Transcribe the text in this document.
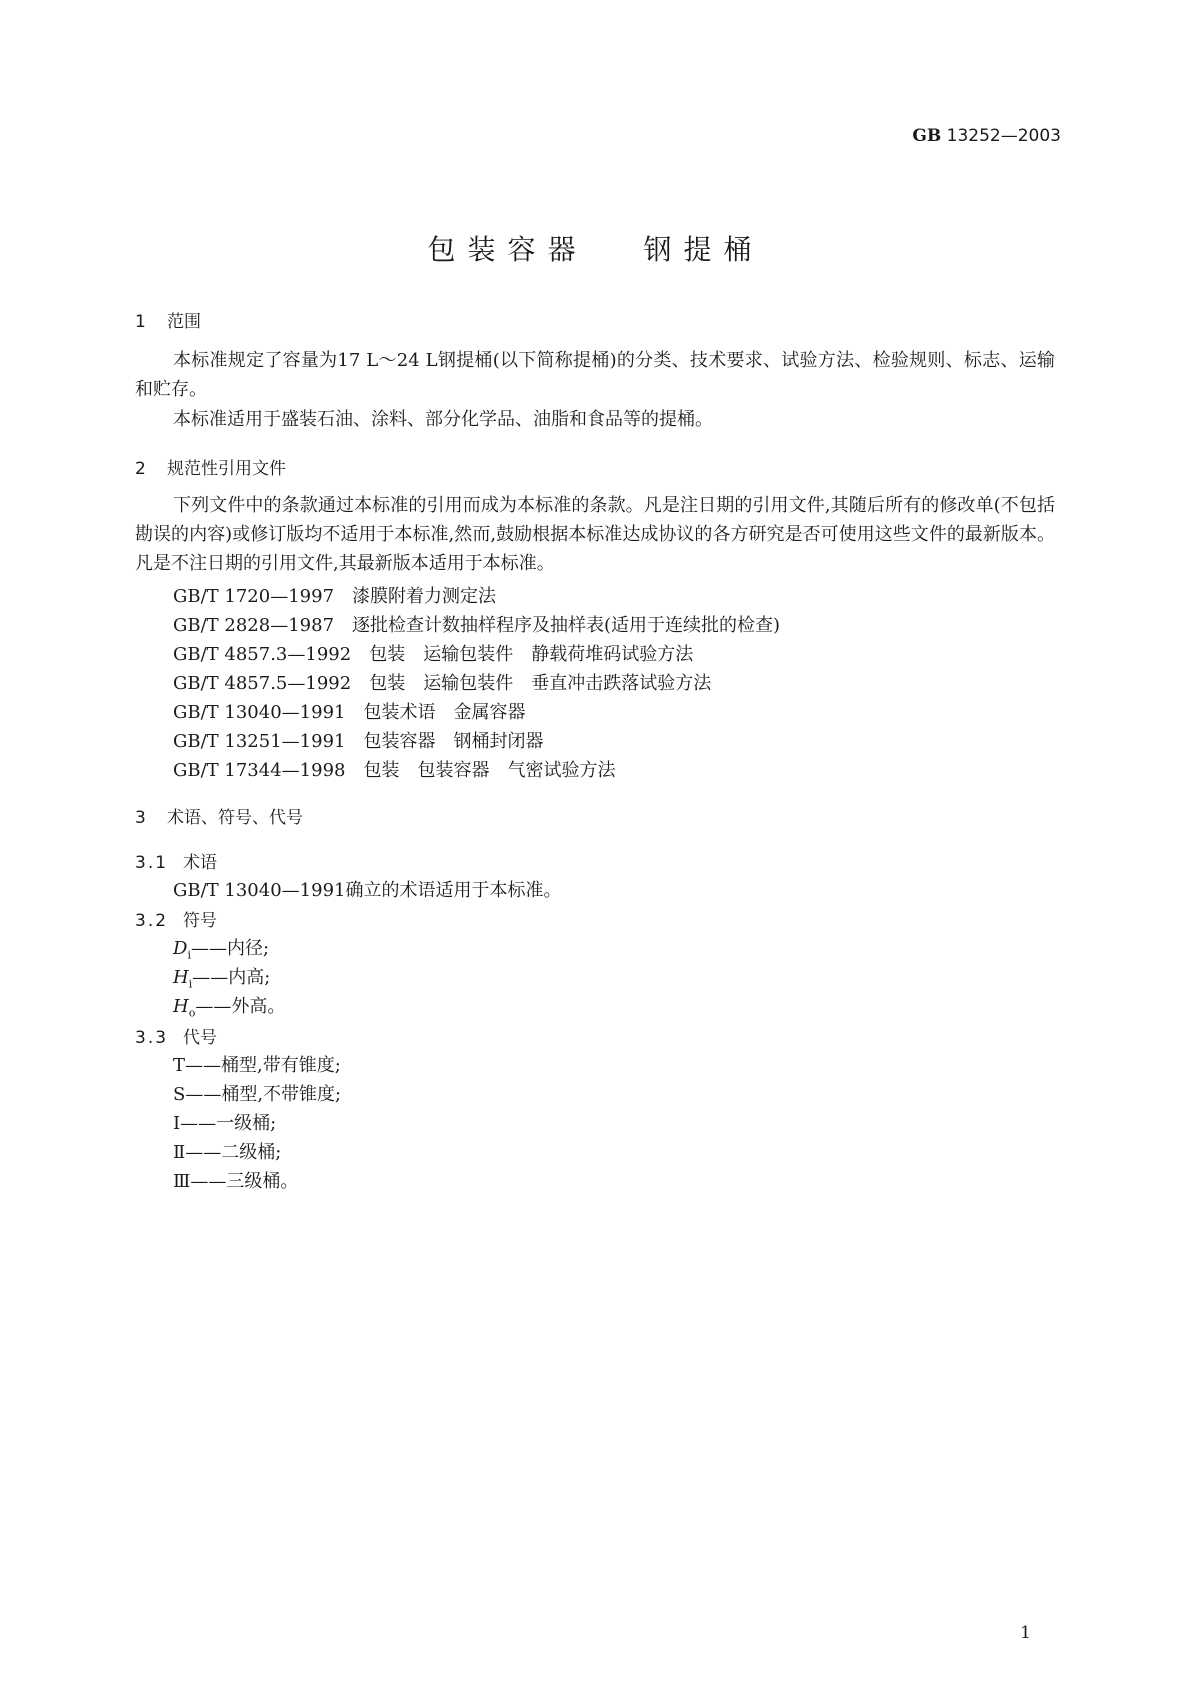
GB 13252—2003
包装容器 钢提桶
1 范围
本标准规定了容量为17 L～24 L钢提桶(以下简称提桶)的分类、技术要求、试验方法、检验规则、标志、运输和贮存。
本标准适用于盛装石油、涂料、部分化学品、油脂和食品等的提桶。
2 规范性引用文件
下列文件中的条款通过本标准的引用而成为本标准的条款。凡是注日期的引用文件,其随后所有的修改单(不包括勘误的内容)或修订版均不适用于本标准,然而,鼓励根据本标准达成协议的各方研究是否可使用这些文件的最新版本。凡是不注日期的引用文件,其最新版本适用于本标准。
GB/T 1720—1997 漆膜附着力测定法
GB/T 2828—1987 逐批检查计数抽样程序及抽样表(适用于连续批的检查)
GB/T 4857.3—1992 包装 运输包装件 静载荷堆码试验方法
GB/T 4857.5—1992 包装 运输包装件 垂直冲击跌落试验方法
GB/T 13040—1991 包装术语 金属容器
GB/T 13251—1991 包装容器 钢桶封闭器
GB/T 17344—1998 包装 包装容器 气密试验方法
3 术语、符号、代号
3.1 术语
GB/T 13040—1991确立的术语适用于本标准。
3.2 符号
$D_i——$内径;
$H_i——$内高;
$H_o——$外高。
3.3 代号
T——桶型,带有锥度;
S——桶型,不带锥度;
Ⅰ——一级桶;
Ⅱ——二级桶;
Ⅲ——三级桶。
1
